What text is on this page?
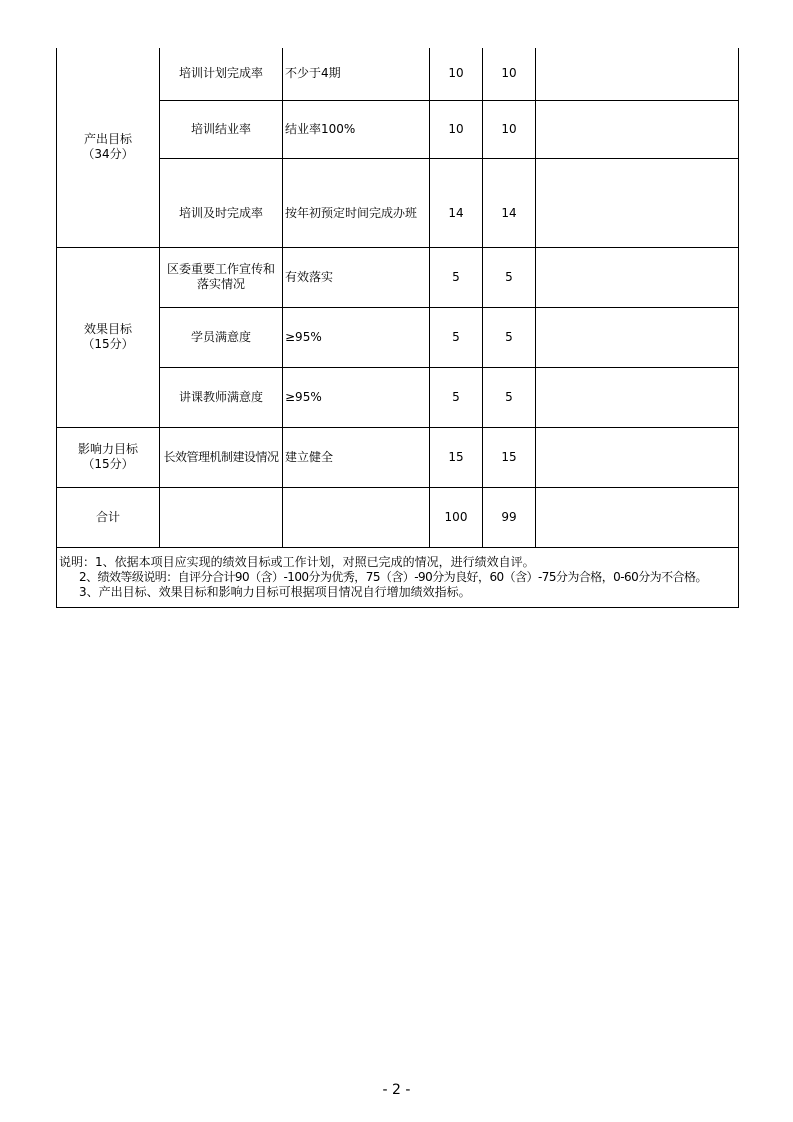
产出目标
（34分）	培训计划完成率	不少于4期	10	10	
	培训结业率	结业率100%	10	10	
	培训及时完成率	按年初预定时间完成办班	14	14	

效果目标
（15分）	区委重要工作宣传和落实情况	有效落实	5	5	
	学员满意度	≥95%	5	5	
	讲课教师满意度	≥95%	5	5	

影响力目标
（15分）	长效管理机制建设情况	建立健全	15	15	
合计			100	99	

说明：1、依据本项目应实现的绩效目标或工作计划，对照已完成的情况，进行绩效自评。
2、绩效等级说明：自评分合计90（含）-100分为优秀，75（含）-90分为良好，60（含）-75分为合格，0-60分为不合格。
3、产出目标、效果目标和影响力目标可根据项目情况自行增加绩效指标。					
- 2 -
